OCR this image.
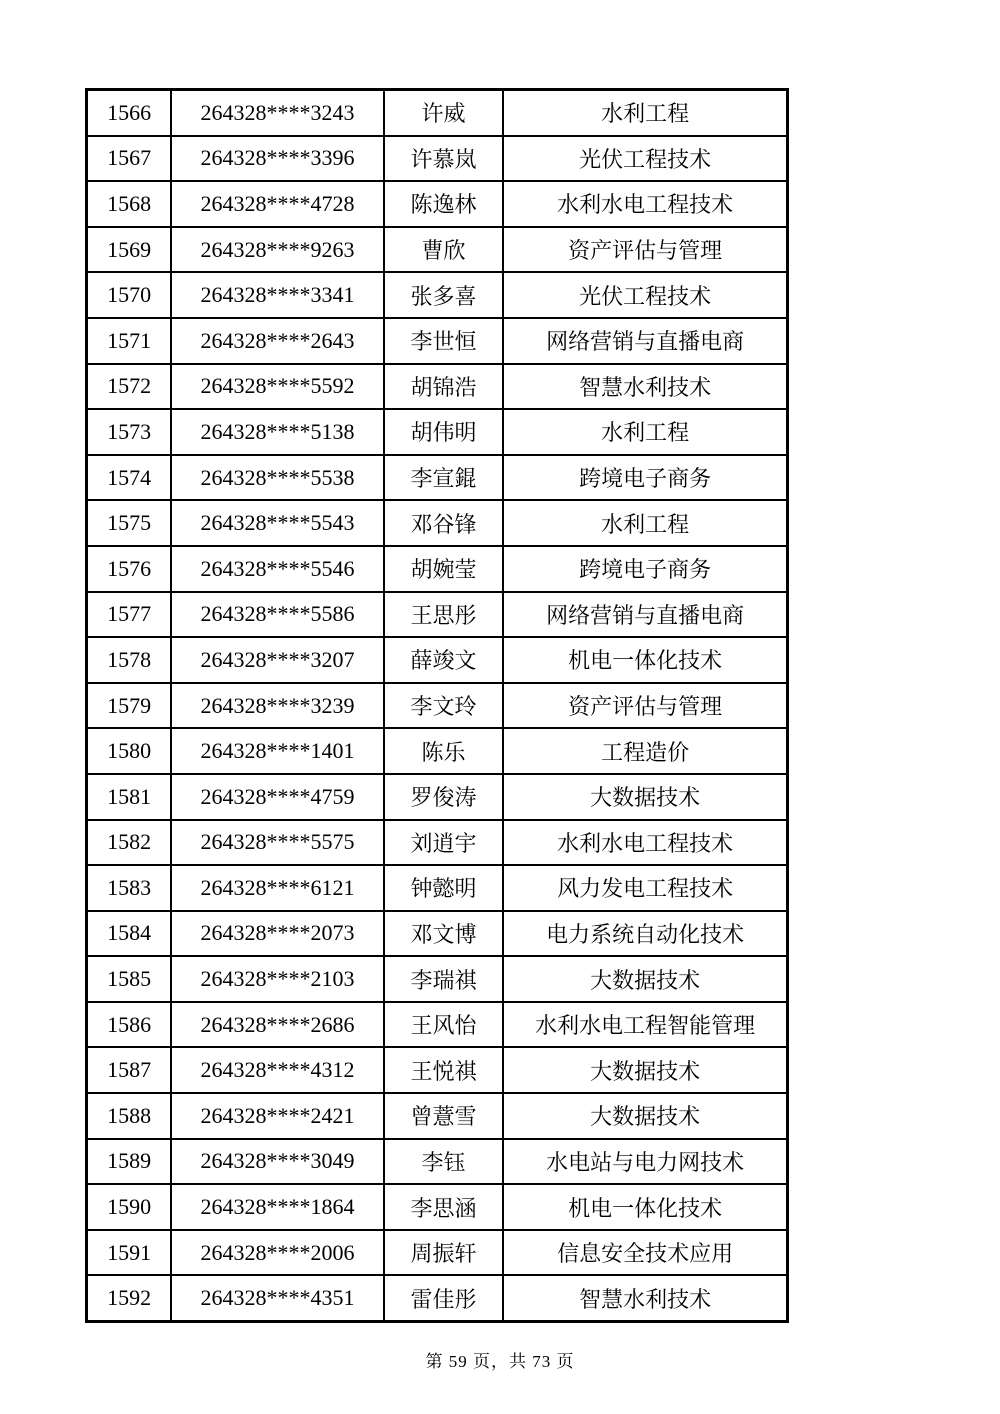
1566	264328****3243	许威	水利工程
1567	264328****3396	许慕岚	光伏工程技术
1568	264328****4728	陈逸林	水利水电工程技术
1569	264328****9263	曹欣	资产评估与管理
1570	264328****3341	张多喜	光伏工程技术
1571	264328****2643	李世恒	网络营销与直播电商
1572	264328****5592	胡锦浩	智慧水利技术
1573	264328****5138	胡伟明	水利工程
1574	264328****5538	李宣錕	跨境电子商务
1575	264328****5543	邓谷锋	水利工程
1576	264328****5546	胡婉莹	跨境电子商务
1577	264328****5586	王思彤	网络营销与直播电商
1578	264328****3207	薛竣文	机电一体化技术
1579	264328****3239	李文玲	资产评估与管理
1580	264328****1401	陈乐	工程造价
1581	264328****4759	罗俊涛	大数据技术
1582	264328****5575	刘逍宇	水利水电工程技术
1583	264328****6121	钟懿明	风力发电工程技术
1584	264328****2073	邓文博	电力系统自动化技术
1585	264328****2103	李瑞祺	大数据技术
1586	264328****2686	王风怡	水利水电工程智能管理
1587	264328****4312	王悦祺	大数据技术
1588	264328****2421	曾薏雪	大数据技术
1589	264328****3049	李钰	水电站与电力网技术
1590	264328****1864	李思涵	机电一体化技术
1591	264328****2006	周振轩	信息安全技术应用
1592	264328****4351	雷佳彤	智慧水利技术
第 59 页，共 73 页
